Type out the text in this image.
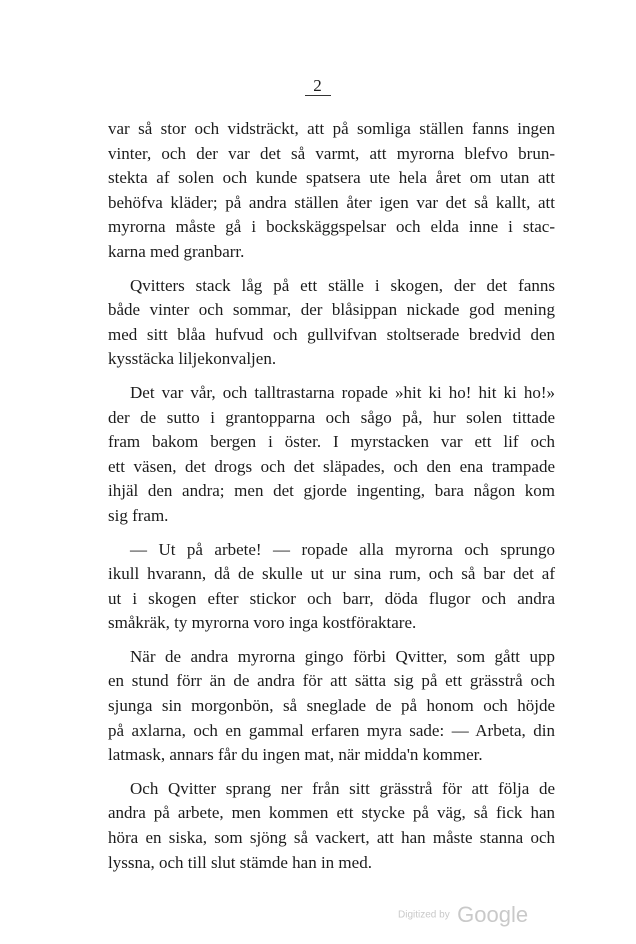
2
var så stor och vidsträckt, att på somliga ställen fanns ingen
vinter, och der var det så varmt, att myrorna blefvo brun-
stekta af solen och kunde spatsera ute hela året om utan att
behöfva kläder; på andra ställen åter igen var det så kallt, att
myrorna måste gå i bockskäggspelsar och elda inne i stac-
karna med granbarr.
Qvitters stack låg på ett ställe i skogen, der det fanns
både vinter och sommar, der blåsippan nickade god mening
med sitt blåa hufvud och gullvifvan stoltserade bredvid den
kysstäcka liljekonvaljen.
Det var vår, och talltrastarna ropade »hit ki ho! hit ki ho!»
der de sutto i grantopparna och sågo på, hur solen tittade
fram bakom bergen i öster. I myrstacken var ett lif och
ett väsen, det drogs och det släpades, och den ena trampade
ihjäl den andra; men det gjorde ingenting, bara någon kom
sig fram.
— Ut på arbete! — ropade alla myrorna och sprungo
ikull hvarann, då de skulle ut ur sina rum, och så bar det af
ut i skogen efter stickor och barr, döda flugor och andra
småkräk, ty myrorna voro inga kostföraktare.
När de andra myrorna gingo förbi Qvitter, som gått upp
en stund förr än de andra för att sätta sig på ett grässtrå och
sjunga sin morgonbön, så sneglade de på honom och höjde
på axlarna, och en gammal erfaren myra sade: — Arbeta, din
latmask, annars får du ingen mat, när midda'n kommer.
Och Qvitter sprang ner från sitt grässtrå för att följa de
andra på arbete, men kommen ett stycke på väg, så fick han
höra en siska, som sjöng så vackert, att han måste stanna och
lyssna, och till slut stämde han in med.
Digitized by Google
